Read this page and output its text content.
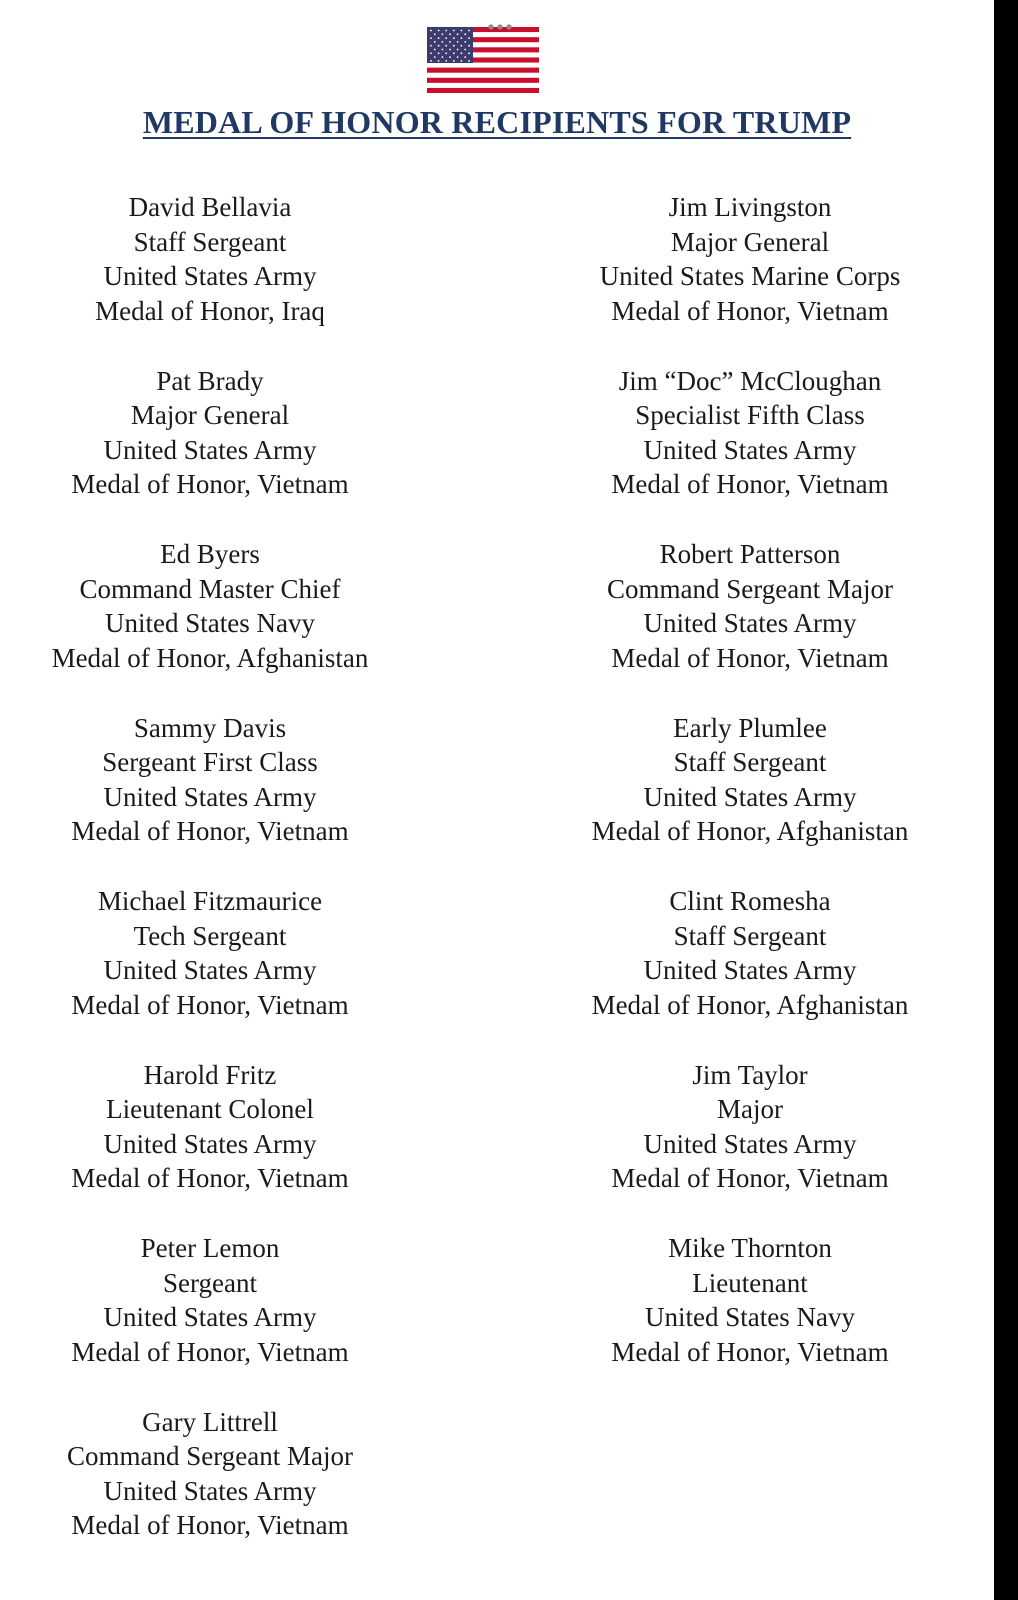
MEDAL OF HONOR RECIPIENTS FOR TRUMP
David Bellavia
Staff Sergeant
United States Army
Medal of Honor, Iraq
Pat Brady
Major General
United States Army
Medal of Honor, Vietnam
Ed Byers
Command Master Chief
United States Navy
Medal of Honor, Afghanistan
Sammy Davis
Sergeant First Class
United States Army
Medal of Honor, Vietnam
Michael Fitzmaurice
Tech Sergeant
United States Army
Medal of Honor, Vietnam
Harold Fritz
Lieutenant Colonel
United States Army
Medal of Honor, Vietnam
Peter Lemon
Sergeant
United States Army
Medal of Honor, Vietnam
Gary Littrell
Command Sergeant Major
United States Army
Medal of Honor, Vietnam
Jim Livingston
Major General
United States Marine Corps
Medal of Honor, Vietnam
Jim “Doc” McCloughan
Specialist Fifth Class
United States Army
Medal of Honor, Vietnam
Robert Patterson
Command Sergeant Major
United States Army
Medal of Honor, Vietnam
Early Plumlee
Staff Sergeant
United States Army
Medal of Honor, Afghanistan
Clint Romesha
Staff Sergeant
United States Army
Medal of Honor, Afghanistan
Jim Taylor
Major
United States Army
Medal of Honor, Vietnam
Mike Thornton
Lieutenant
United States Navy
Medal of Honor, Vietnam
